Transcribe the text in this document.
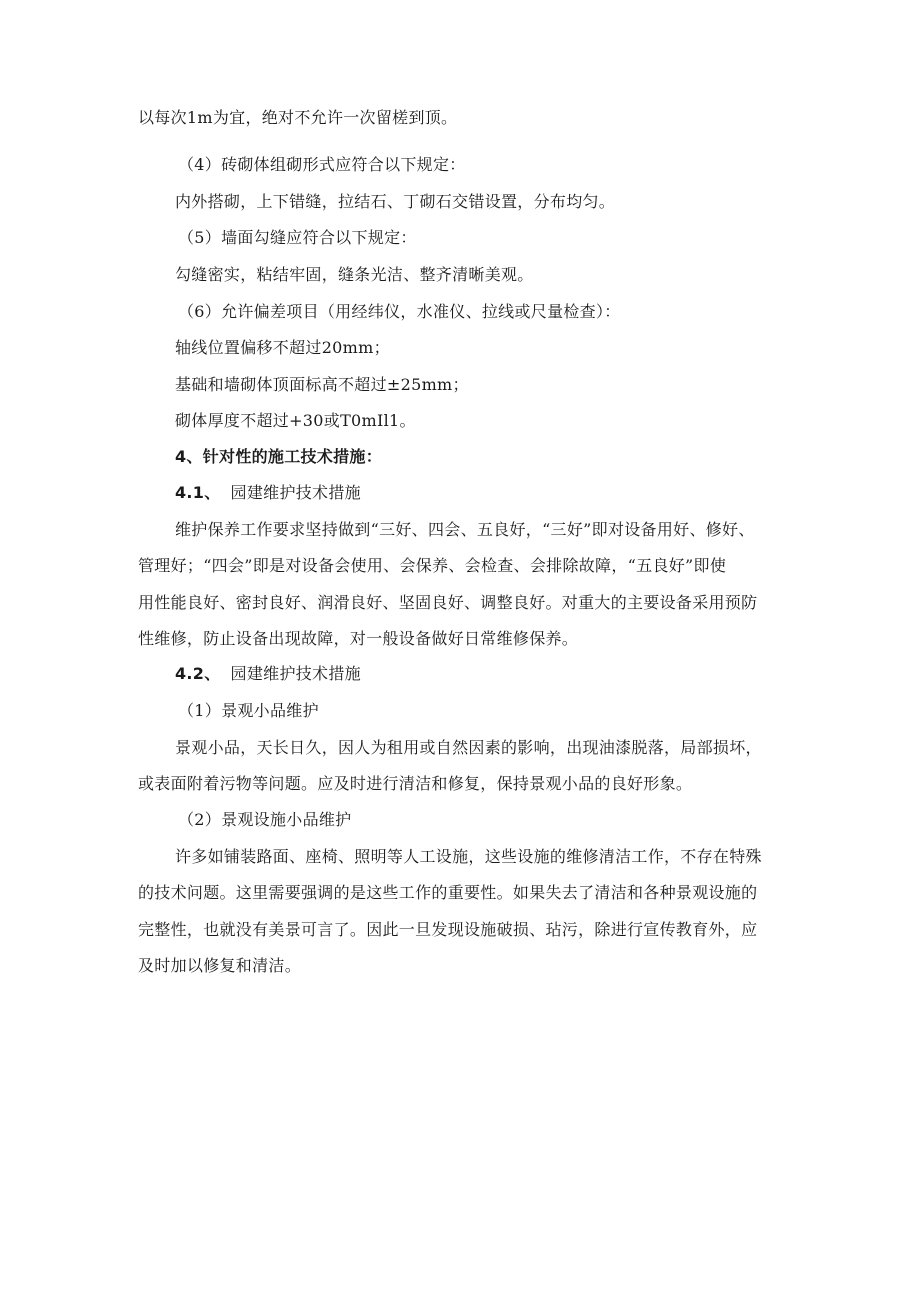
以每次1m为宜，绝对不允许一次留槎到顶。
（4）砖砌体组砌形式应符合以下规定：
内外搭砌，上下错缝，拉结石、丁砌石交错设置，分布均匀。
（5）墙面勾缝应符合以下规定：
勾缝密实，粘结牢固，缝条光洁、整齐清晰美观。
（6）允许偏差项目（用经纬仪，水准仪、拉线或尺量检查）：
轴线位置偏移不超过20mm；
基础和墙砌体顶面标高不超过±25mm；
砌体厚度不超过+30或T0mIl1。
4、针对性的施工技术措施：
4.1、 园建维护技术措施
维护保养工作要求坚持做到“三好、四会、五良好，“三好”即对设备用好、修好、
管理好；“四会”即是对设备会使用、会保养、会检查、会排除故障，“五良好”即使
用性能良好、密封良好、润滑良好、坚固良好、调整良好。对重大的主要设备采用预防
性维修，防止设备出现故障，对一般设备做好日常维修保养。
4.2、 园建维护技术措施
（1）景观小品维护
景观小品，天长日久，因人为租用或自然因素的影响，出现油漆脱落，局部损坏，
或表面附着污物等问题。应及时进行清洁和修复，保持景观小品的良好形象。
（2）景观设施小品维护
许多如铺装路面、座椅、照明等人工设施，这些设施的维修清洁工作，不存在特殊
的技术问题。这里需要强调的是这些工作的重要性。如果失去了清洁和各种景观设施的
完整性，也就没有美景可言了。因此一旦发现设施破损、玷污，除进行宣传教育外，应
及时加以修复和清洁。
